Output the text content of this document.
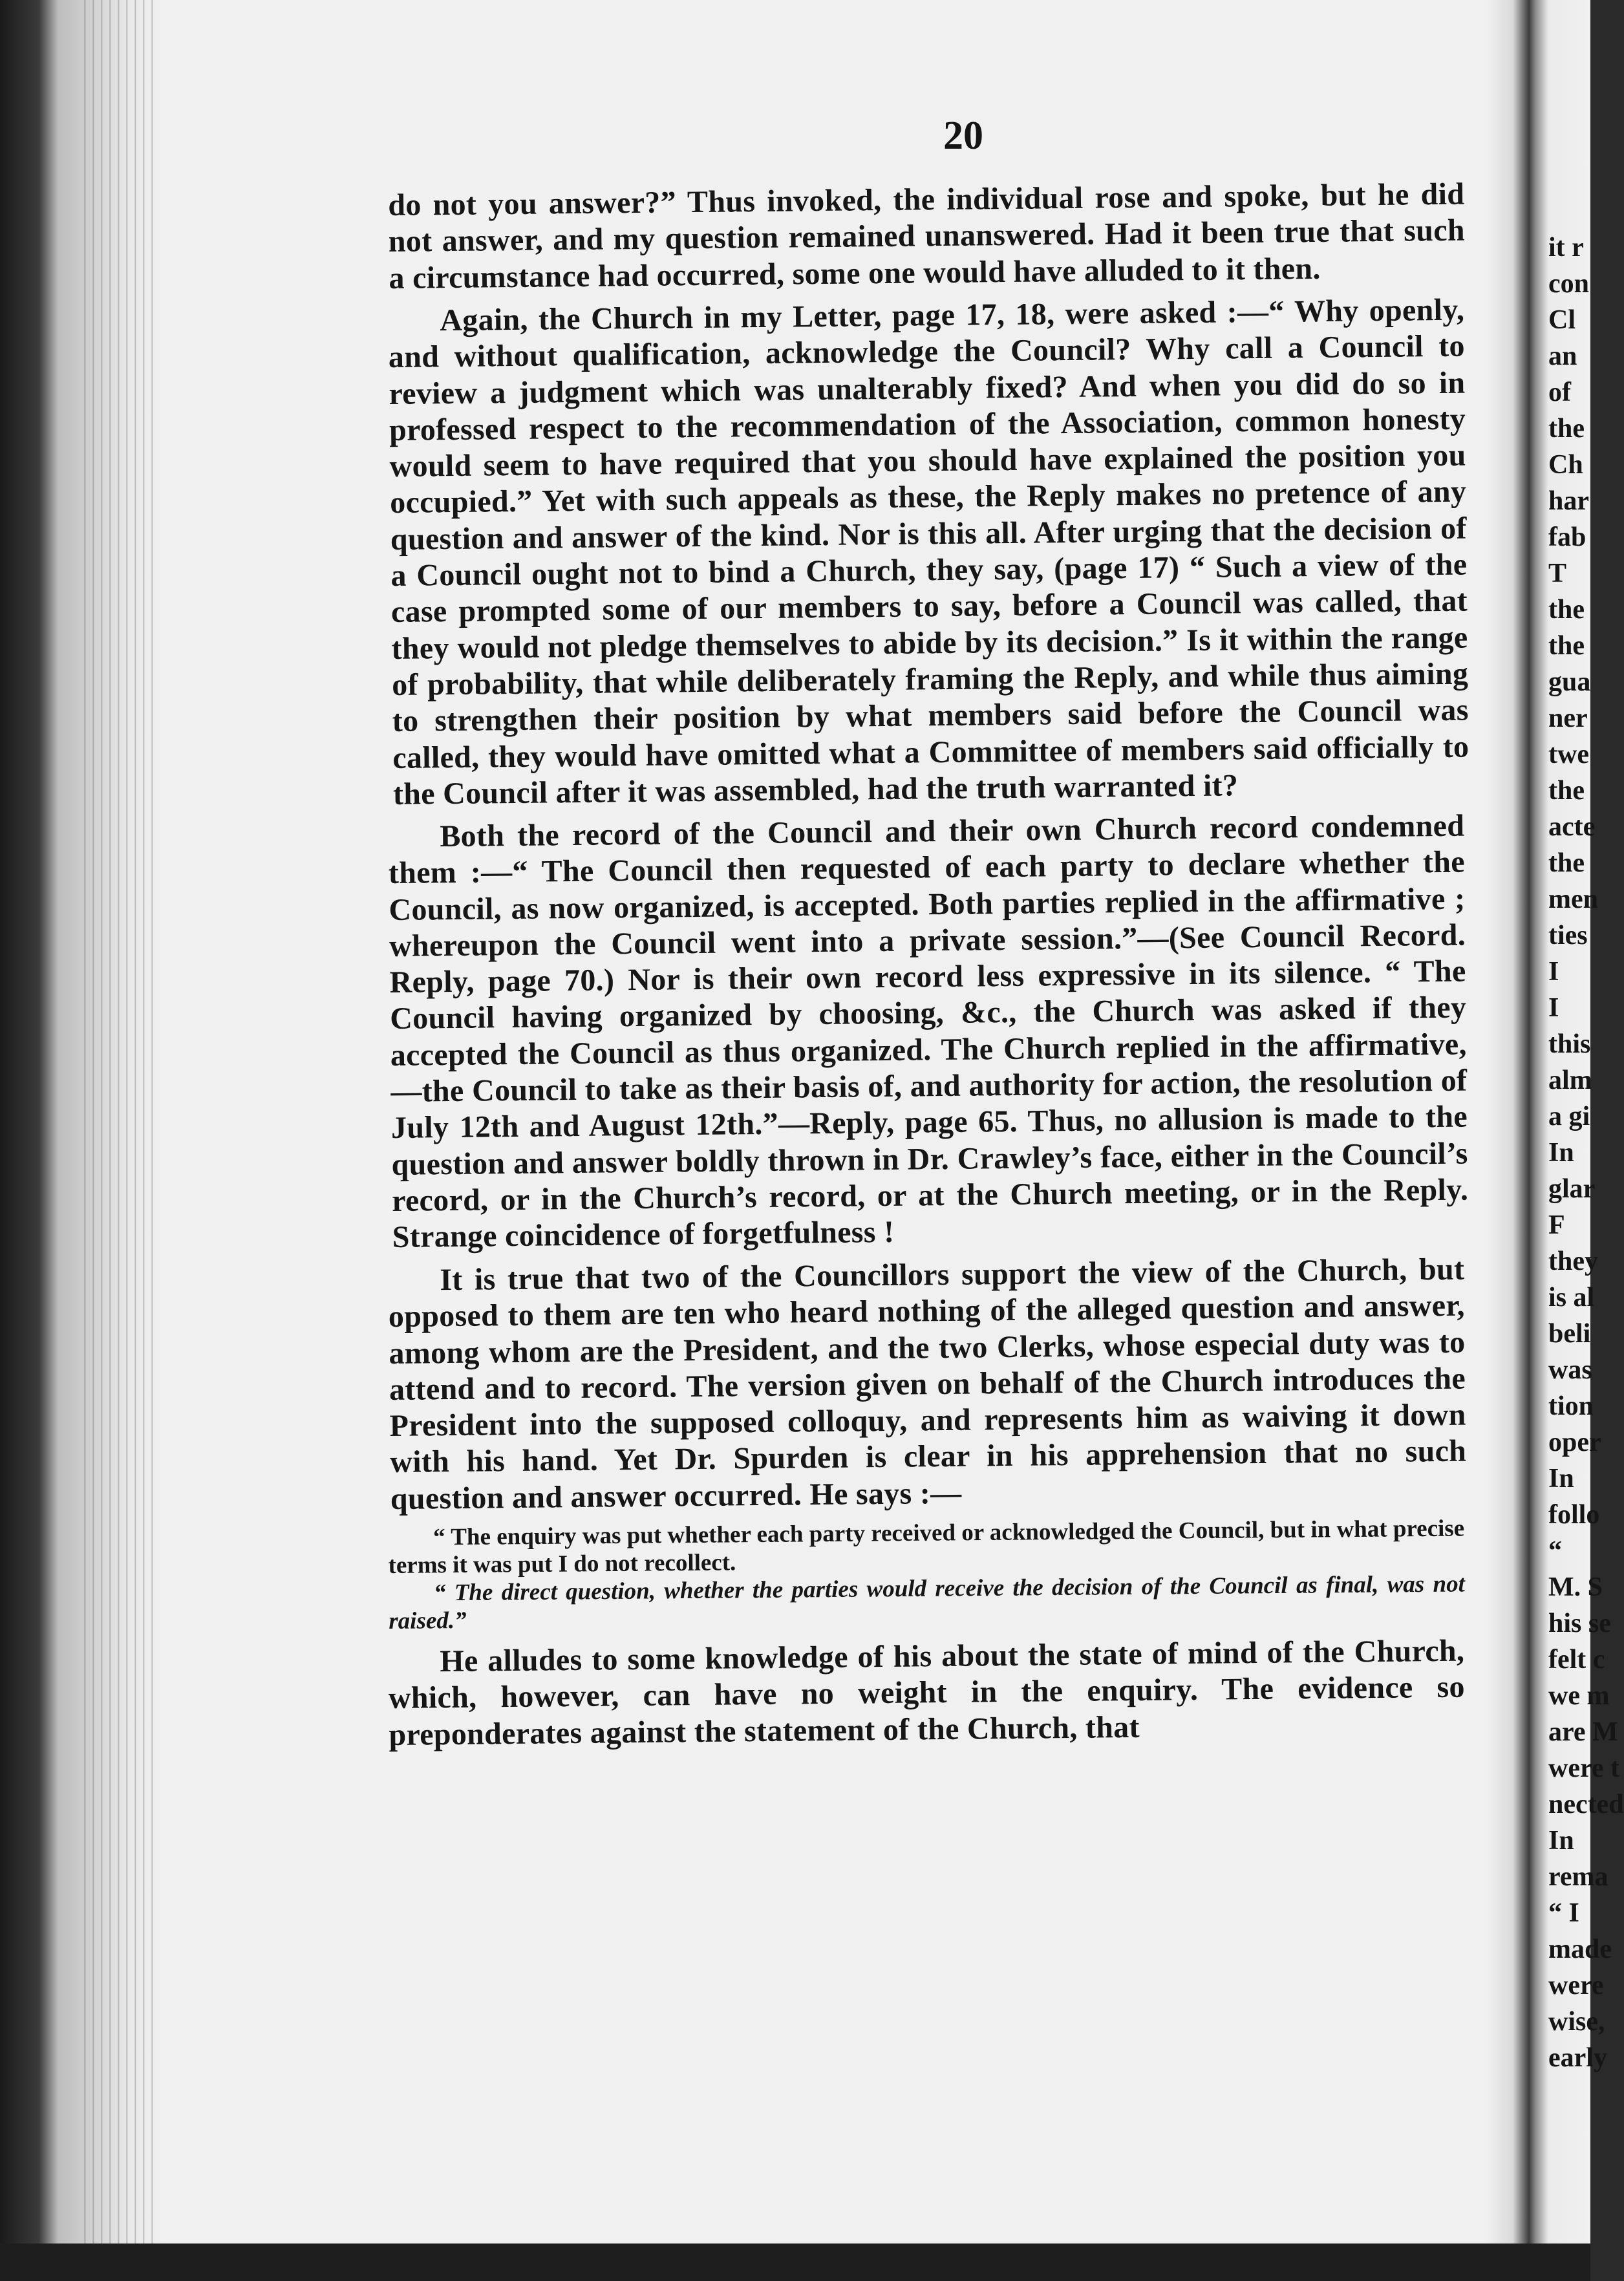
20

do not you answer?” Thus invoked, the individual rose and spoke, but he did not answer, and my question remained unanswered. Had it been true that such a circumstance had occurred, some one would have alluded to it then.

Again, the Church in my Letter, page 17, 18, were asked :—“ Why openly, and without qualification, acknowledge the Council? Why call a Council to review a judgment which was unalterably fixed? And when you did do so in professed respect to the recommendation of the Association, common honesty would seem to have required that you should have explained the position you occupied.” Yet with such appeals as these, the Reply makes no pretence of any question and answer of the kind. Nor is this all. After urging that the decision of a Council ought not to bind a Church, they say, (page 17) “ Such a view of the case prompted some of our members to say, before a Council was called, that they would not pledge themselves to abide by its decision.” Is it within the range of probability, that while deliberately framing the Reply, and while thus aiming to strengthen their position by what members said before the Council was called, they would have omitted what a Committee of members said officially to the Council after it was assembled, had the truth warranted it?

Both the record of the Council and their own Church record condemned them :—“ The Council then requested of each party to declare whether the Council, as now organized, is accepted. Both parties replied in the affirmative ; whereupon the Council went into a private session.”—(See Council Record. Reply, page 70.) Nor is their own record less expressive in its silence. “ The Council having organized by choosing, &c., the Church was asked if they accepted the Council as thus organized. The Church replied in the affirmative,—the Council to take as their basis of, and authority for action, the resolution of July 12th and August 12th.”—Reply, page 65. Thus, no allusion is made to the question and answer boldly thrown in Dr. Crawley’s face, either in the Council’s record, or in the Church’s record, or at the Church meeting, or in the Reply. Strange coincidence of forgetfulness !

It is true that two of the Councillors support the view of the Church, but opposed to them are ten who heard nothing of the alleged question and answer, among whom are the President, and the two Clerks, whose especial duty was to attend and to record. The version given on behalf of the Church introduces the President into the supposed colloquy, and represents him as waiving it down with his hand. Yet Dr. Spurden is clear in his apprehension that no such question and answer occurred. He says :—

“ The enquiry was put whether each party received or acknowledged the Council, but in what precise terms it was put I do not recollect.

“ The direct question, whether the parties would receive the decision of the Council as final, was not raised.”

He alludes to some knowledge of his about the state of mind of the Church, which, however, can have no weight in the enquiry. The evidence so preponderates against the statement of the Church, that

it r
con
Cl
an
of
the
Ch
har
fab
T
the
the
gua
ner
twe
the
acte
the
men
ties
I
I
this
alm
a gi
In
glar
F
they
is al
beli
was
tion
oper
In
follo
“
M. S
his se
felt c
we m
are M
were t
nected
In
rema
“ I
made
were
wise,
early
